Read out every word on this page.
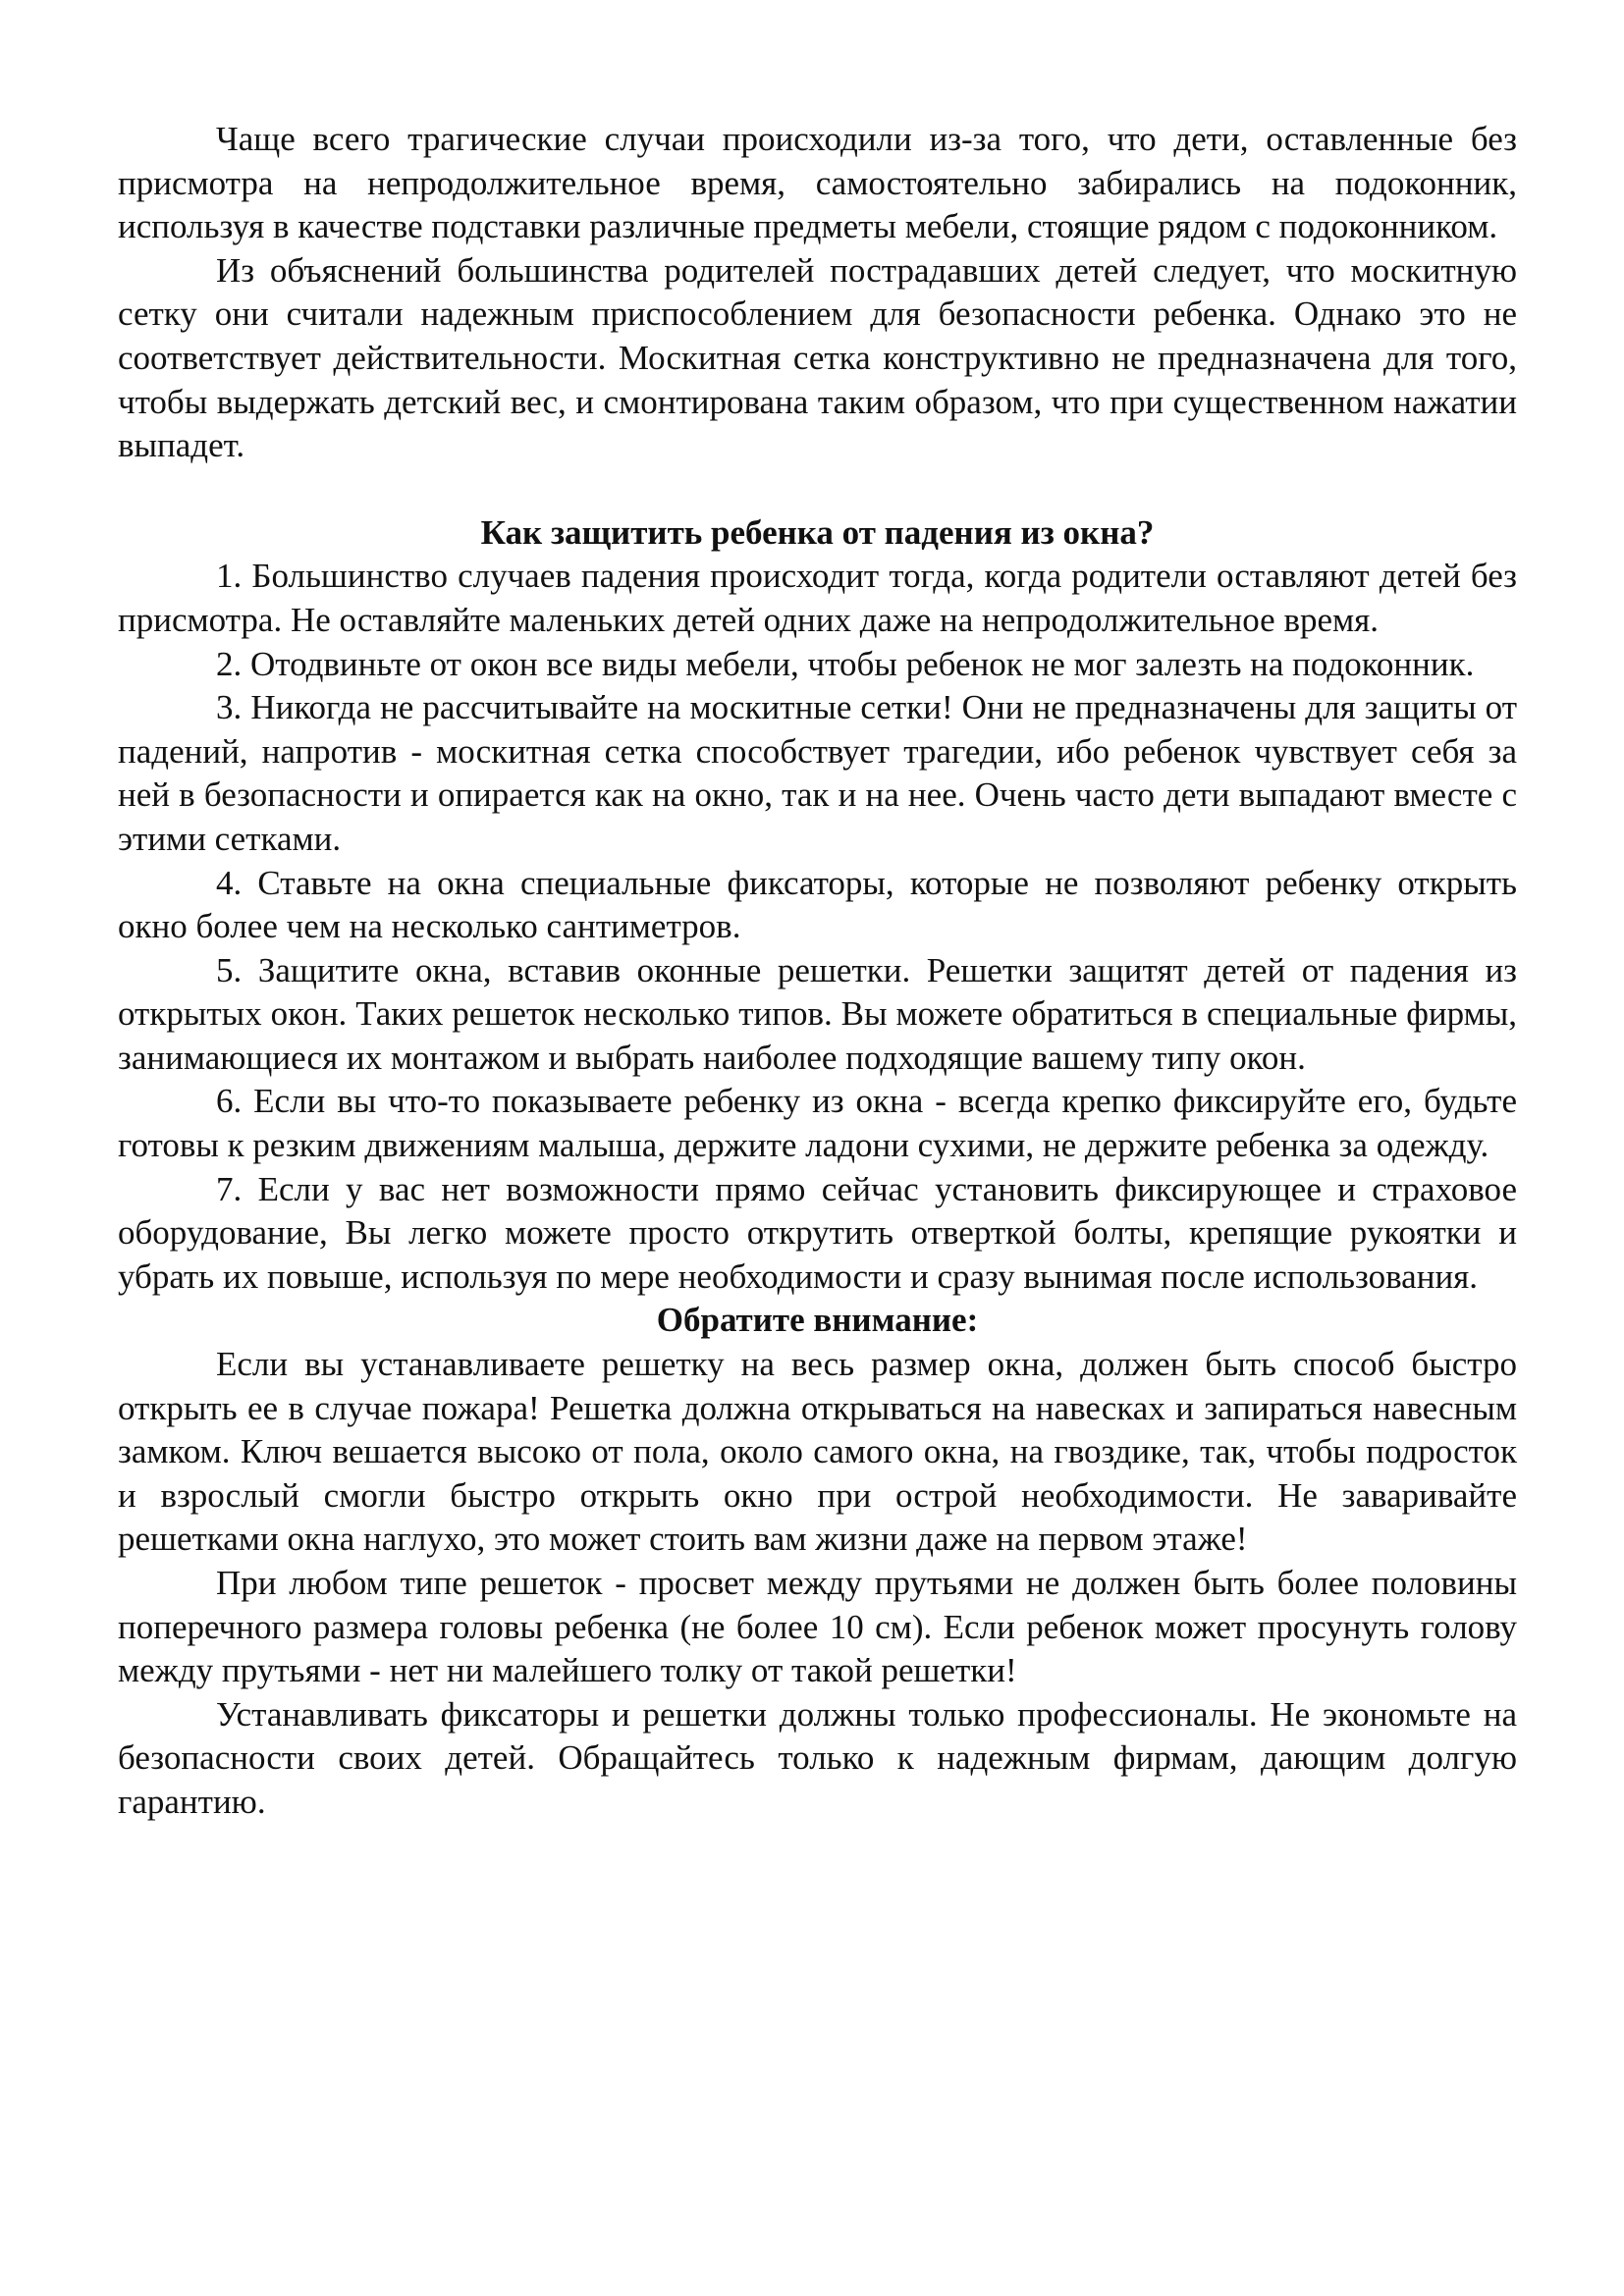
Чаще всего трагические случаи происходили из-за того, что дети, оставленные без присмотра на непродолжительное время, самостоятельно забирались на подоконник, используя в качестве подставки различные предметы мебели, стоящие рядом с подоконником.

Из объяснений большинства родителей пострадавших детей следует, что москитную сетку они считали надежным приспособлением для безопасности ребенка. Однако это не соответствует действительности. Москитная сетка конструктивно не предназначена для того, чтобы выдержать детский вес, и смонтирована таким образом, что при существенном нажатии выпадет.

Как защитить ребенка от падения из окна?

1. Большинство случаев падения происходит тогда, когда родители оставляют детей без присмотра. Не оставляйте маленьких детей одних даже на непродолжительное время.

2. Отодвиньте от окон все виды мебели, чтобы ребенок не мог залезть на подоконник.

3. Никогда не рассчитывайте на москитные сетки! Они не предназначены для защиты от падений, напротив - москитная сетка способствует трагедии, ибо ребенок чувствует себя за ней в безопасности и опирается как на окно, так и на нее. Очень часто дети выпадают вместе с этими сетками.

4. Ставьте на окна специальные фиксаторы, которые не позволяют ребенку открыть окно более чем на несколько сантиметров.

5. Защитите окна, вставив оконные решетки. Решетки защитят детей от падения из открытых окон. Таких решеток несколько типов. Вы можете обратиться в специальные фирмы, занимающиеся их монтажом и выбрать наиболее подходящие вашему типу окон.

6. Если вы что-то показываете ребенку из окна - всегда крепко фиксируйте его, будьте готовы к резким движениям малыша, держите ладони сухими, не держите ребенка за одежду.

7. Если у вас нет возможности прямо сейчас установить фиксирующее и страховое оборудование, Вы легко можете просто открутить отверткой болты, крепящие рукоятки и убрать их повыше, используя по мере необходимости и сразу вынимая после использования.

Обратите внимание:

Если вы устанавливаете решетку на весь размер окна, должен быть способ быстро открыть ее в случае пожара! Решетка должна открываться на навесках и запираться навесным замком. Ключ вешается высоко от пола, около самого окна, на гвоздике, так, чтобы подросток и взрослый смогли быстро открыть окно при острой необходимости. Не заваривайте решетками окна наглухо, это может стоить вам жизни даже на первом этаже!

При любом типе решеток - просвет между прутьями не должен быть более половины поперечного размера головы ребенка (не более 10 см). Если ребенок может просунуть голову между прутьями - нет ни малейшего толку от такой решетки!

Устанавливать фиксаторы и решетки должны только профессионалы. Не экономьте на безопасности своих детей. Обращайтесь только к надежным фирмам, дающим долгую гарантию.
